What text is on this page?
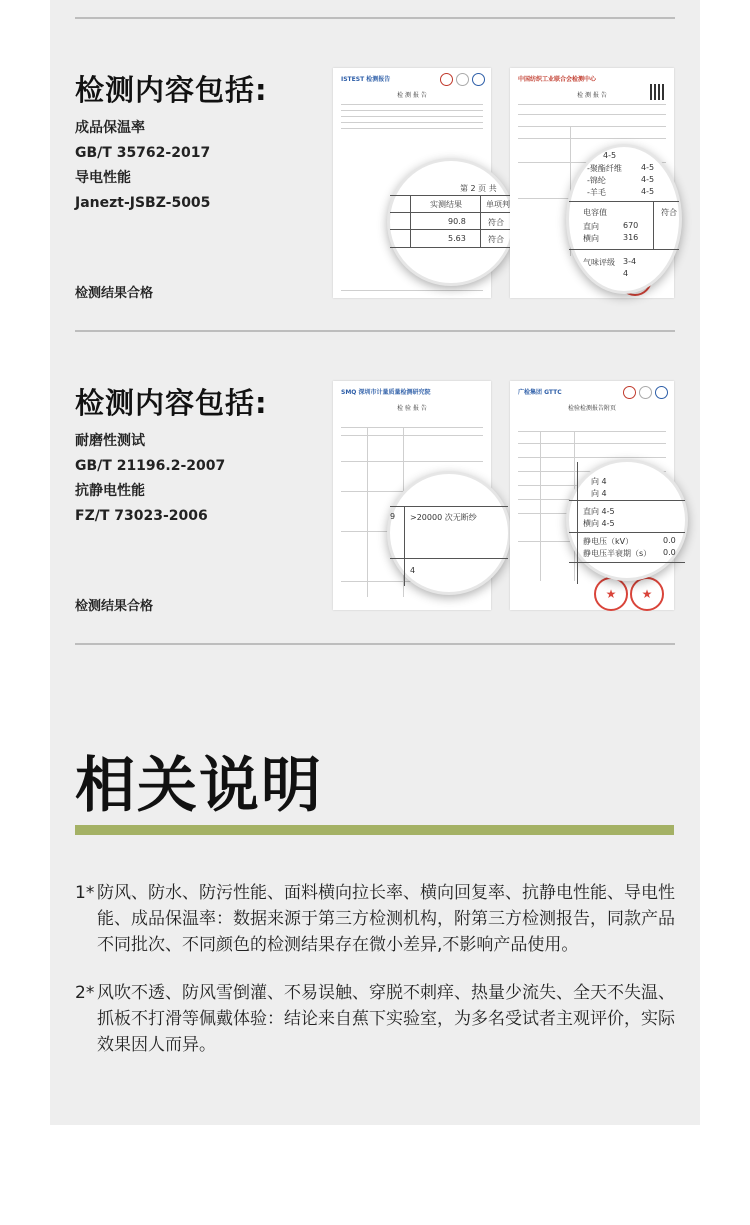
检测内容包括:
成品保温率
GB/T 35762-2017
导电性能
Janezt-JSBZ-5005
检测结果合格
ISTEST 检测报告
检 测 报 告
第 2 页 共
实测结果	单项判
90.8	符合
5.63	符合
中国纺织工业联合会检测中心
检 测 报 告
★
4-5
-聚酯纤维 4-5
-锦纶	4-5
-羊毛	4-5
电容值	符合
直向	670
横向	316
气味评级 3-4
4
检测内容包括:
耐磨性测试
GB/T 21196.2-2007
抗静电性能
FZ/T 73023-2006
检测结果合格
SMQ 深圳市计量质量检测研究院
检 验 报 告
9 >20000 次无断纱
4
广检集团 GTTC
检验检测报告附页
★
★
向 4
向 4
直向 4-5
横向 4-5
静电压（kV）	0.0
静电压半衰期（s） 0.0
相关说明
1* 防风、防水、防污性能、面料横向拉长率、横向回复率、抗静电性能、导电性能、成品保温率：数据来源于第三方检测机构，附第三方检测报告，同款产品不同批次、不同颜色的检测结果存在微小差异,不影响产品使用。
2* 风吹不透、防风雪倒灌、不易误触、穿脱不刺痒、热量少流失、全天不失温、抓板不打滑等佩戴体验：结论来自蕉下实验室，为多名受试者主观评价，实际效果因人而异。
